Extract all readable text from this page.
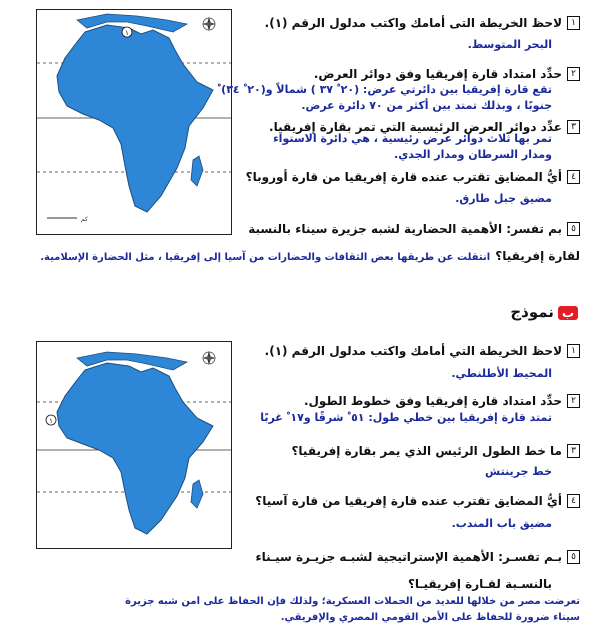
١
كم
١لاحظ الخريطة التى أمامك واكتب مدلول الرقم (١).
البحر المتوسط.
٢حدِّد امتداد قارة إفريقيا وفق دوائر العرض.
تقع قارة إفريقيا بين دائرتي عرض: (٢٠ ْ ٣٧ ) شمالاً و(٢٠ ْ ٣٤) ْ
جنوبًا ، وبذلك تمتد بين أكثر من ٧٠ دائرة عرض.
٣عدِّد دوائر العرض الرئيسية التي تمر بقارة إفريقيا.
تمر بها ثلاث دوائر عرض رئيسية ، هي دائرة الاستواء
ومدار السرطان ومدار الجدي.
٤أيُّ المضايق تقترب عنده قارة إفريقيا من قارة أوروبا؟
مضيق جبل طارق.
٥بم تفسر: الأهمية الحضارية لشبه جزيرة سيناء بالنسبة
لقارة إفريقيا؟ انتقلت عن طريقها بعض الثقافات والحضارات من آسيا إلى إفريقيا ، مثل الحضارة الإسلامية.
بنموذج
١
١لاحظ الخريطة التي أمامك واكتب مدلول الرقم (١).
المحيط الأطلنطي.
٢حدِّد امتداد قارة إفريقيا وفق خطوط الطول.
تمتد قارة إفريقيا بين خطي طول: ٥١ ْ شرقًا و١٧ ْ غربًا
٣ما خط الطول الرئيس الذي يمر بقارة إفريقيا؟
خط جرينتش
٤أيُّ المضايق تقترب عنده قارة إفريقيا من قارة آسيا؟
مضيق باب المندب.
٥بـم تفسـر: الأهمية الإستراتيجية لشبـه جزيـرة سيـناء
بالنسـبة لقـارة إفريقيـا؟
تعرضت مصر من خلالها للعديد من الحملات العسكرية؛ ولذلك فإن الحفاظ على أمن شبه جزيرة
سيناء ضرورة للحفاظ على الأمن القومي المصري والإفريقي.
